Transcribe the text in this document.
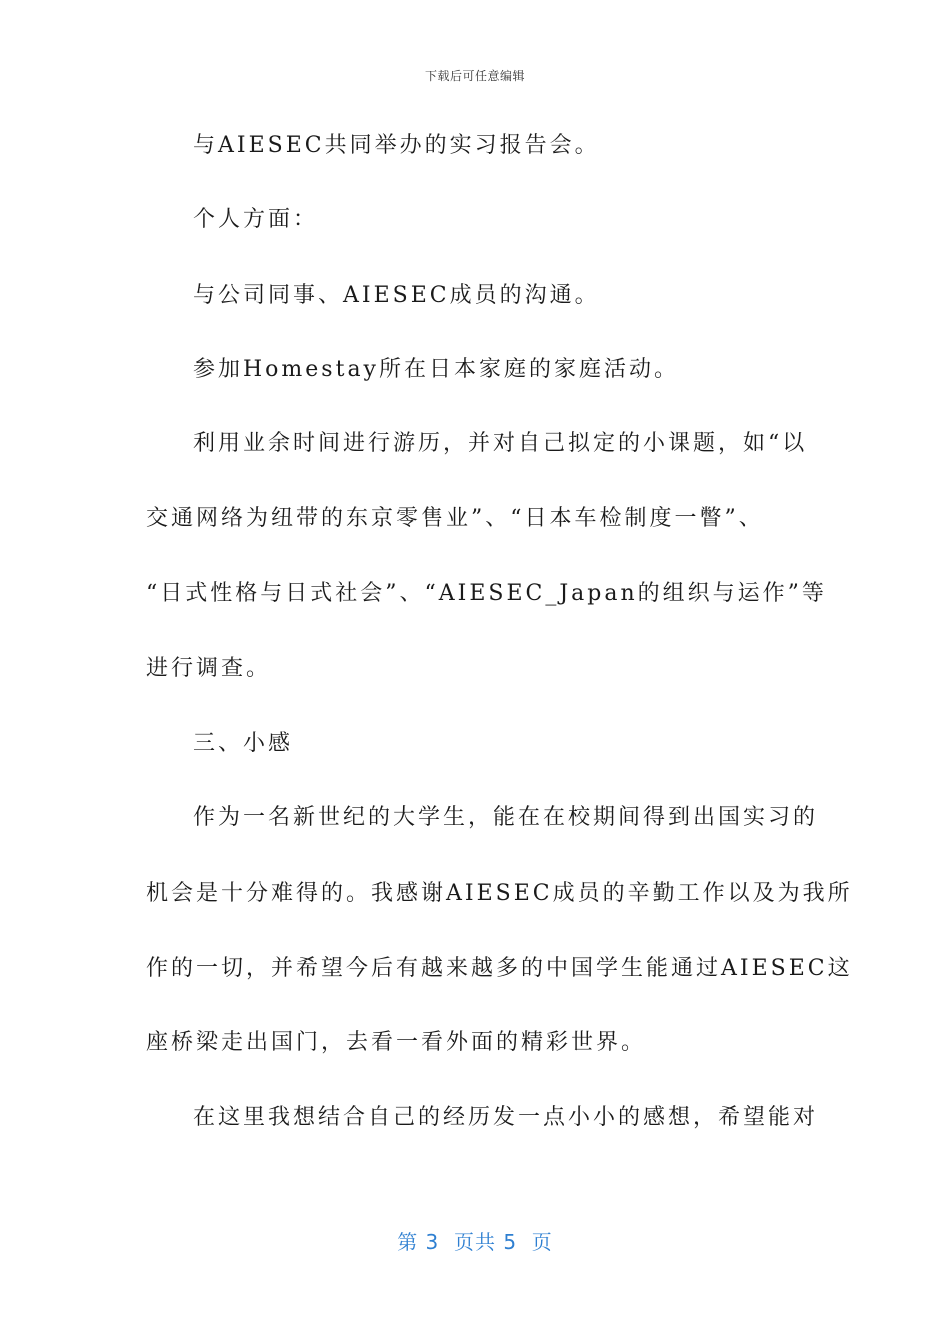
下载后可任意编辑
与AIESEC共同举办的实习报告会。
个人方面：
与公司同事、AIESEC成员的沟通。
参加Homestay所在日本家庭的家庭活动。
利用业余时间进行游历，并对自己拟定的小课题，如“以
交通网络为纽带的东京零售业”、“日本车检制度一瞥”、
“日式性格与日式社会”、“AIESEC_Japan的组织与运作”等
进行调查。
三、小感
作为一名新世纪的大学生，能在在校期间得到出国实习的
机会是十分难得的。我感谢AIESEC成员的辛勤工作以及为我所
作的一切，并希望今后有越来越多的中国学生能通过AIESEC这
座桥梁走出国门，去看一看外面的精彩世界。
在这里我想结合自己的经历发一点小小的感想，希望能对
第 3  页共 5  页
